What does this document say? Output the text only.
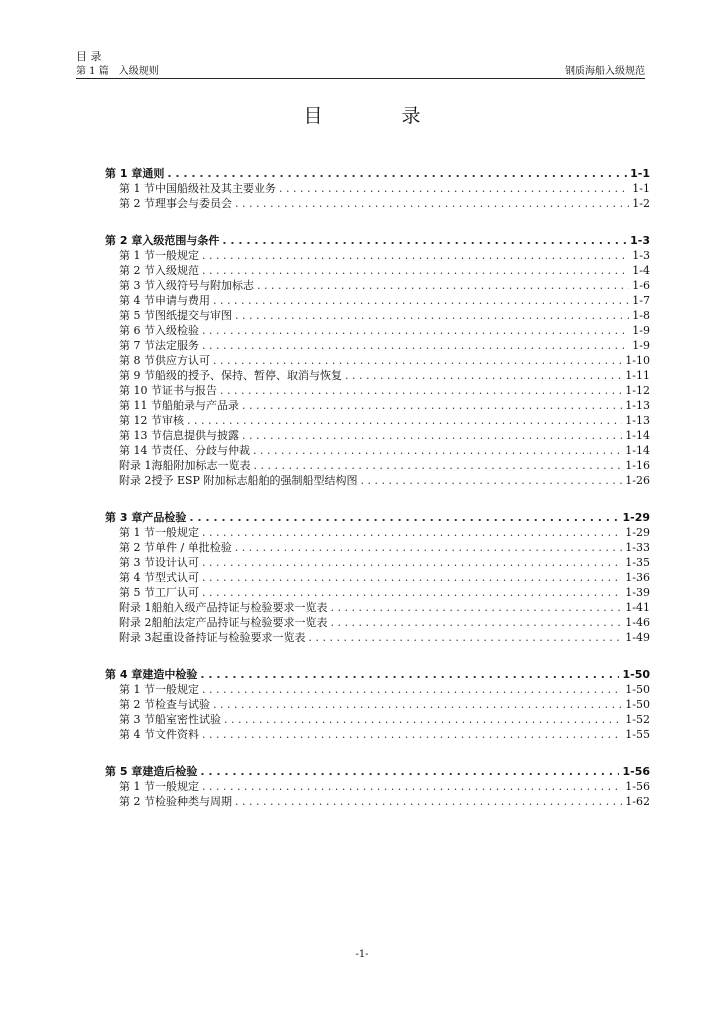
目 录
第 1 篇　入级规则	钢质海船入级规范
目　录
第 1 章 通则 . . .	1-1
第 1 节 中国船级社及其主要业务 . . .	1-1
第 2 节 理事会与委员会 . . .	1-2
第 2 章 入级范围与条件 . . .	1-3
第 1 节 一般规定 . . .	1-3
第 2 节 入级规范 . . .	1-4
第 3 节 入级符号与附加标志 . . .	1-6
第 4 节 申请与费用 . . .	1-7
第 5 节 图纸提交与审图 . . .	1-8
第 6 节 入级检验 . . .	1-9
第 7 节 法定服务 . . .	1-9
第 8 节 供应方认可 . . .	1-10
第 9 节 船级的授予、保持、暂停、取消与恢复 . . .	1-11
第 10 节 证书与报告 . . .	1-12
第 11 节 船舶录与产品录 . . .	1-13
第 12 节 审核 . . .	1-13
第 13 节 信息提供与披露 . . .	1-14
第 14 节 责任、分歧与仲裁 . . .	1-14
附录 1 海船附加标志一览表 . . .	1-16
附录 2 授予 ESP 附加标志船舶的强制船型结构图 . . .	1-26
第 3 章 产品检验 . . .	1-29
第 1 节 一般规定 . . .	1-29
第 2 节 单件 / 单批检验 . . .	1-33
第 3 节 设计认可 . . .	1-35
第 4 节 型式认可 . . .	1-36
第 5 节 工厂认可 . . .	1-39
附录 1 船舶入级产品持证与检验要求一览表 . . .	1-41
附录 2 船舶法定产品持证与检验要求一览表 . . .	1-46
附录 3 起重设备持证与检验要求一览表 . . .	1-49
第 4 章 建造中检验 . . .	1-50
第 1 节 一般规定 . . .	1-50
第 2 节 检查与试验 . . .	1-50
第 3 节 船室密性试验 . . .	1-52
第 4 节 文件资料 . . .	1-55
第 5 章 建造后检验 . . .	1-56
第 1 节 一般规定 . . .	1-56
第 2 节 检验种类与周期 . . .	1-62
-1-
